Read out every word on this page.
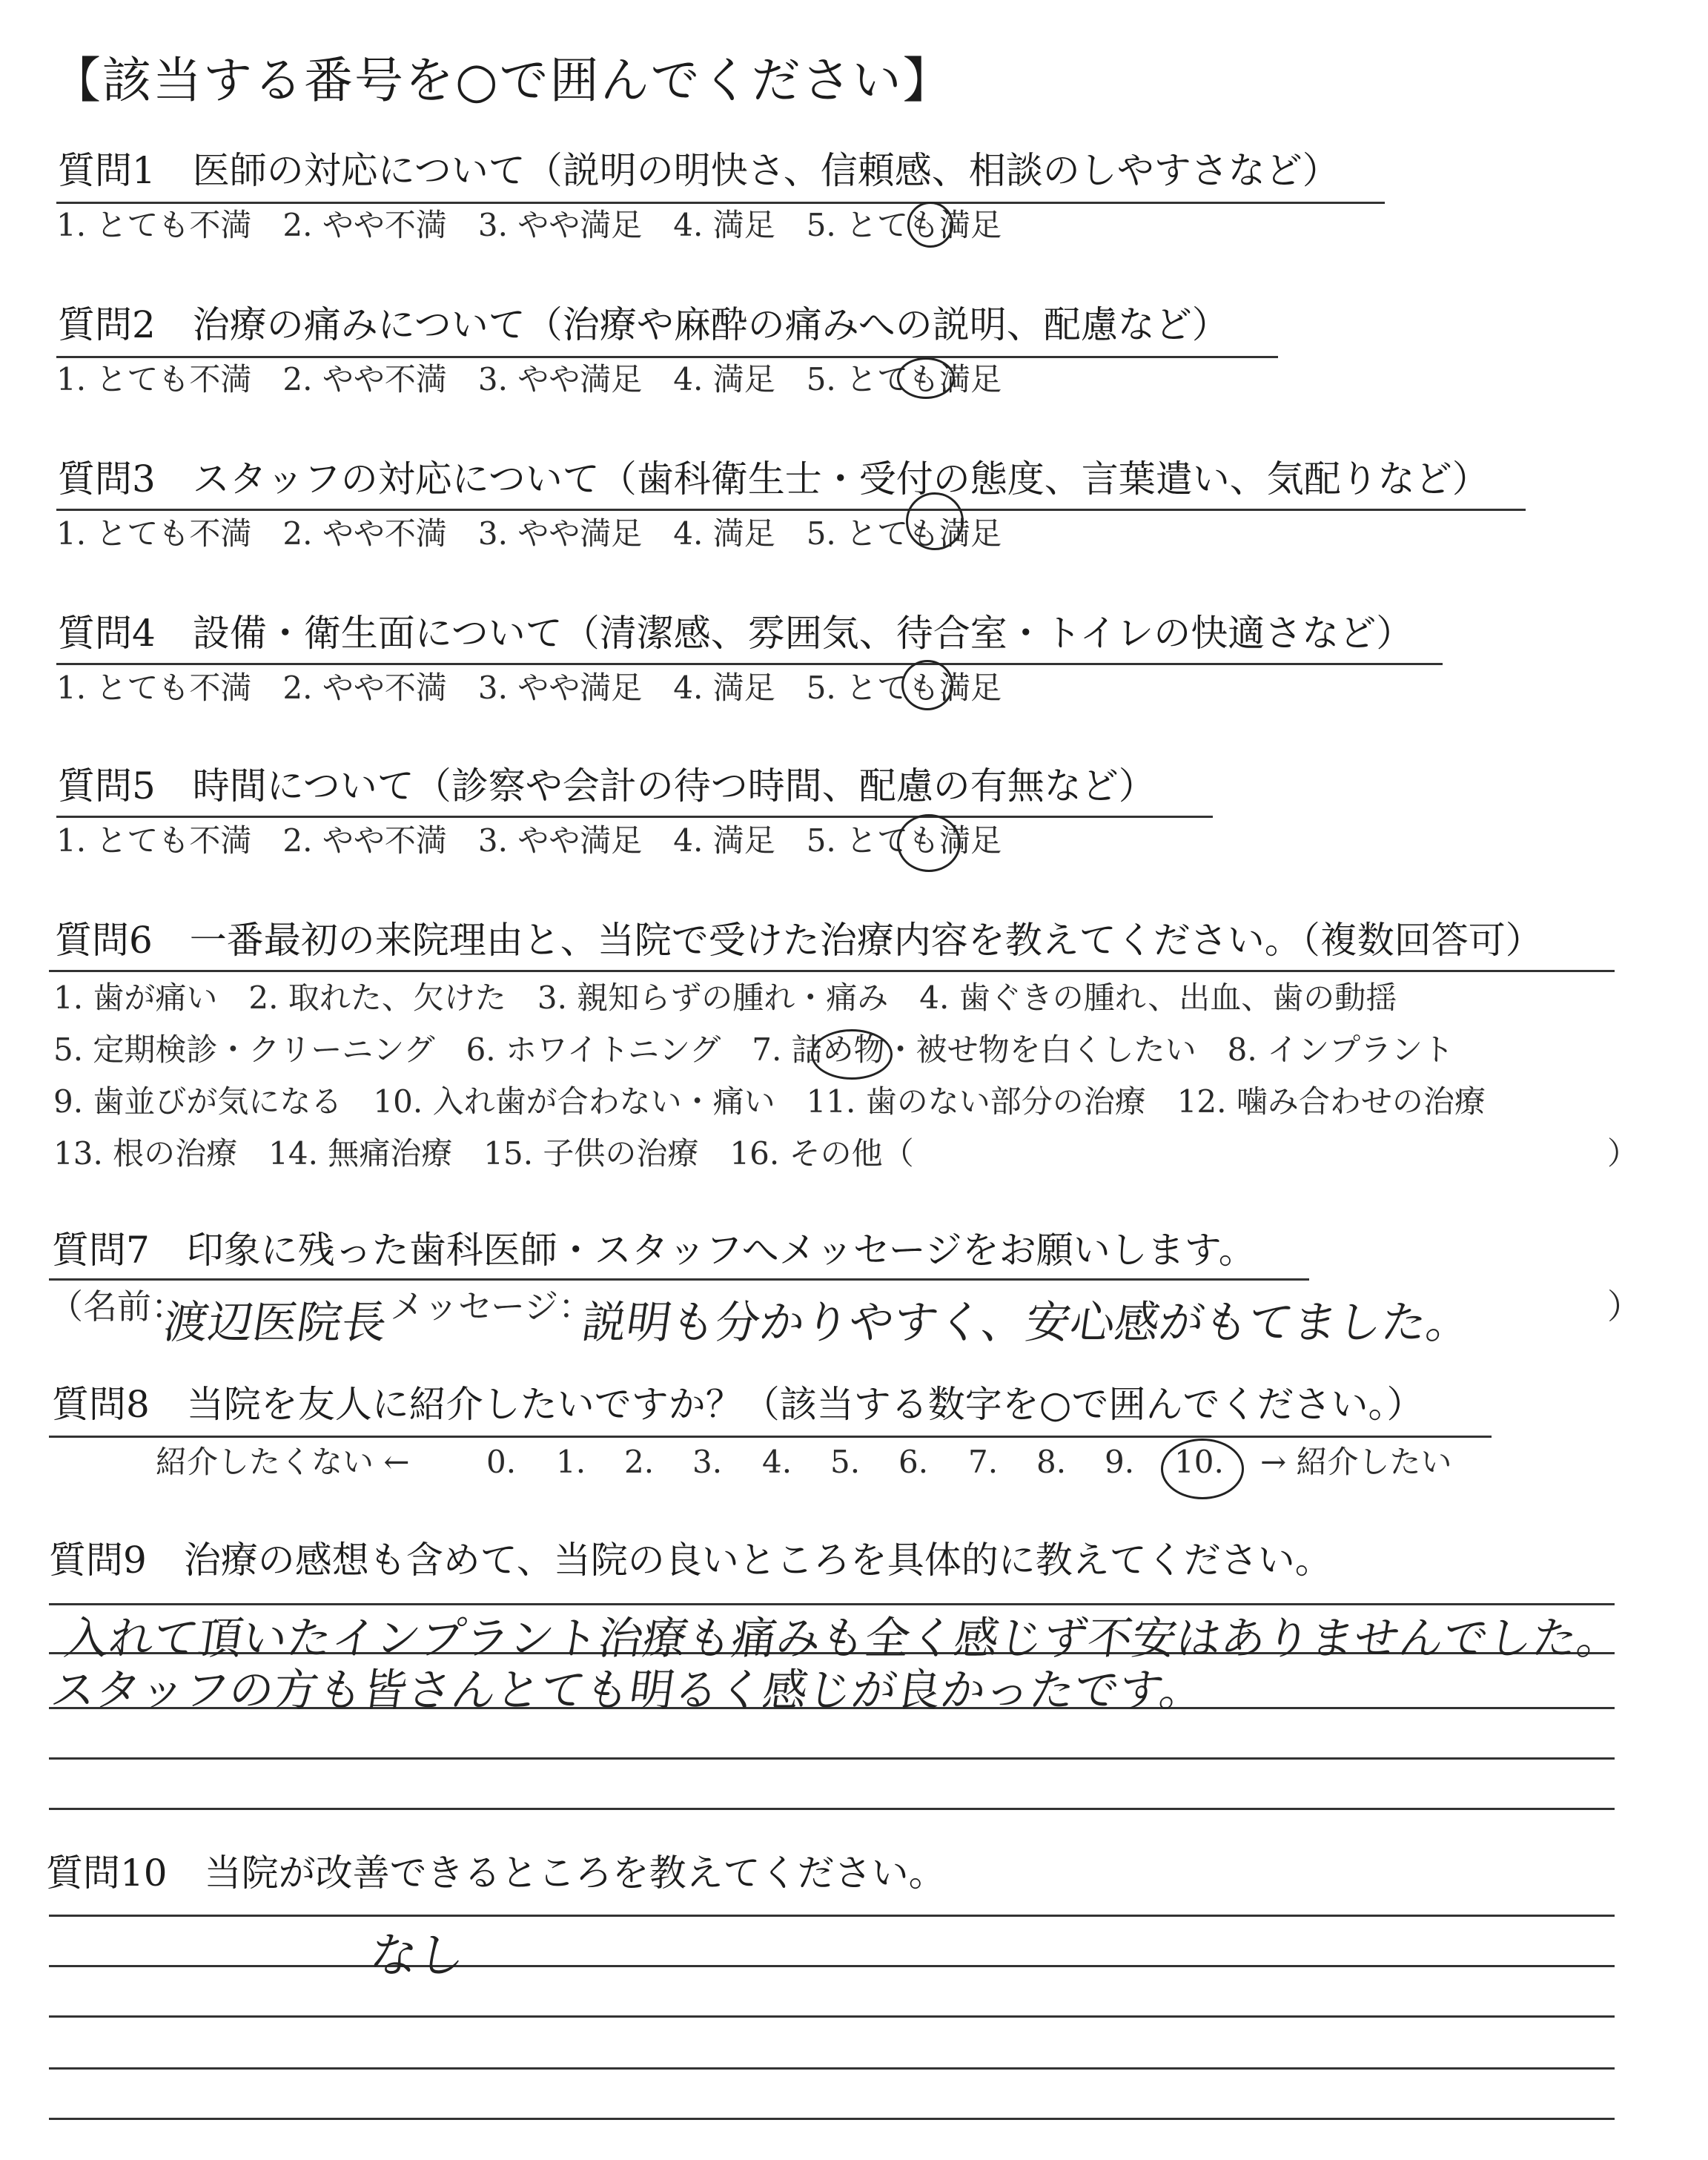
【該当する番号を○で囲んでください】
質問1　医師の対応について（説明の明快さ、信頼感、相談のしやすさなど）
1. とても不満　2. やや不満　3. やや満足　4. 満足　5. とても満足
質問2　治療の痛みについて（治療や麻酔の痛みへの説明、配慮など）
1. とても不満　2. やや不満　3. やや満足　4. 満足　5. とても満足
質問3　スタッフの対応について（歯科衛生士・受付の態度、言葉遣い、気配りなど）
1. とても不満　2. やや不満　3. やや満足　4. 満足　5. とても満足
質問4　設備・衛生面について（清潔感、雰囲気、待合室・トイレの快適さなど）
1. とても不満　2. やや不満　3. やや満足　4. 満足　5. とても満足
質問5　時間について（診察や会計の待つ時間、配慮の有無など）
1. とても不満　2. やや不満　3. やや満足　4. 満足　5. とても満足
質問6　一番最初の来院理由と、当院で受けた治療内容を教えてください。（複数回答可）
1. 歯が痛い　2. 取れた、欠けた　3. 親知らずの腫れ・痛み　4. 歯ぐきの腫れ、出血、歯の動揺
5. 定期検診・クリーニング　6. ホワイトニング　7. 詰め物・被せ物を白くしたい　8. インプラント
9. 歯並びが気になる　10. 入れ歯が合わない・痛い　11. 歯のない部分の治療　12. 噛み合わせの治療
13. 根の治療　14. 無痛治療　15. 子供の治療　16. その他（	）
質問7　印象に残った歯科医師・スタッフへメッセージをお願いします。
（名前：
渡辺医院長 メッセージ：
説明も分かりやすく、安心感がもてました。	）
質問8　当院を友人に紹介したいですか？（該当する数字を○で囲んでください。）
紹介したくない ← 0. 1. 2. 3. 4. 5. 6. 7. 8. 9. 10. → 紹介したい
質問9　治療の感想も含めて、当院の良いところを具体的に教えてください。
入れて頂いたインプラント治療も痛みも全く感じず不安はありませんでした。
スタッフの方も皆さんとても明るく感じが良かったです。
質問10　当院が改善できるところを教えてください。
なし
